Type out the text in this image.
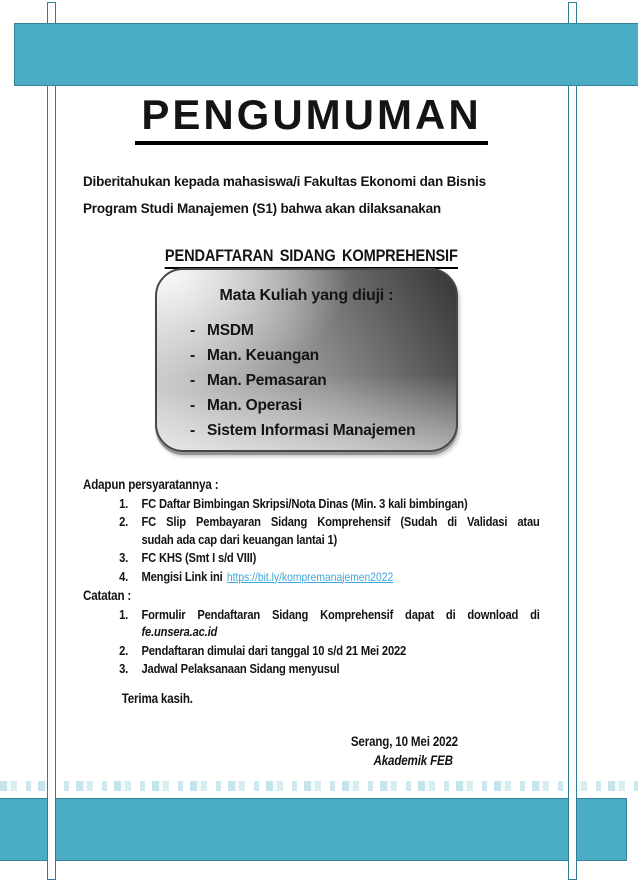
PENGUMUMAN

Diberitahukan kepada mahasiswa/i Fakultas Ekonomi dan Bisnis
Program Studi Manajemen (S1) bahwa akan dilaksanakan

PENDAFTARAN SIDANG KOMPREHENSIF

Mata Kuliah yang diuji :
- MSDM
- Man. Keuangan
- Man. Pemasaran
- Man. Operasi
- Sistem Informasi Manajemen

Adapun persyaratannya :

1.	FC Daftar Bimbingan Skripsi/Nota Dinas (Min. 3 kali bimbingan)
2.	FC Slip Pembayaran Sidang Komprehensif (Sudah di Validasi atau
sudah ada cap dari keuangan lantai 1)
3.	FC KHS (Smt I s/d VIII)
4.	Mengisi Link ini https://bit.ly/kompremanajemen2022

Catatan :

1.	Formulir Pendaftaran Sidang Komprehensif dapat di download di
fe.unsera.ac.id
2.	Pendaftaran dimulai dari tanggal 10 s/d 21 Mei 2022
3.	Jadwal Pelaksanaan Sidang menyusul

Terima kasih.

Serang, 10 Mei 2022
Akademik FEB
